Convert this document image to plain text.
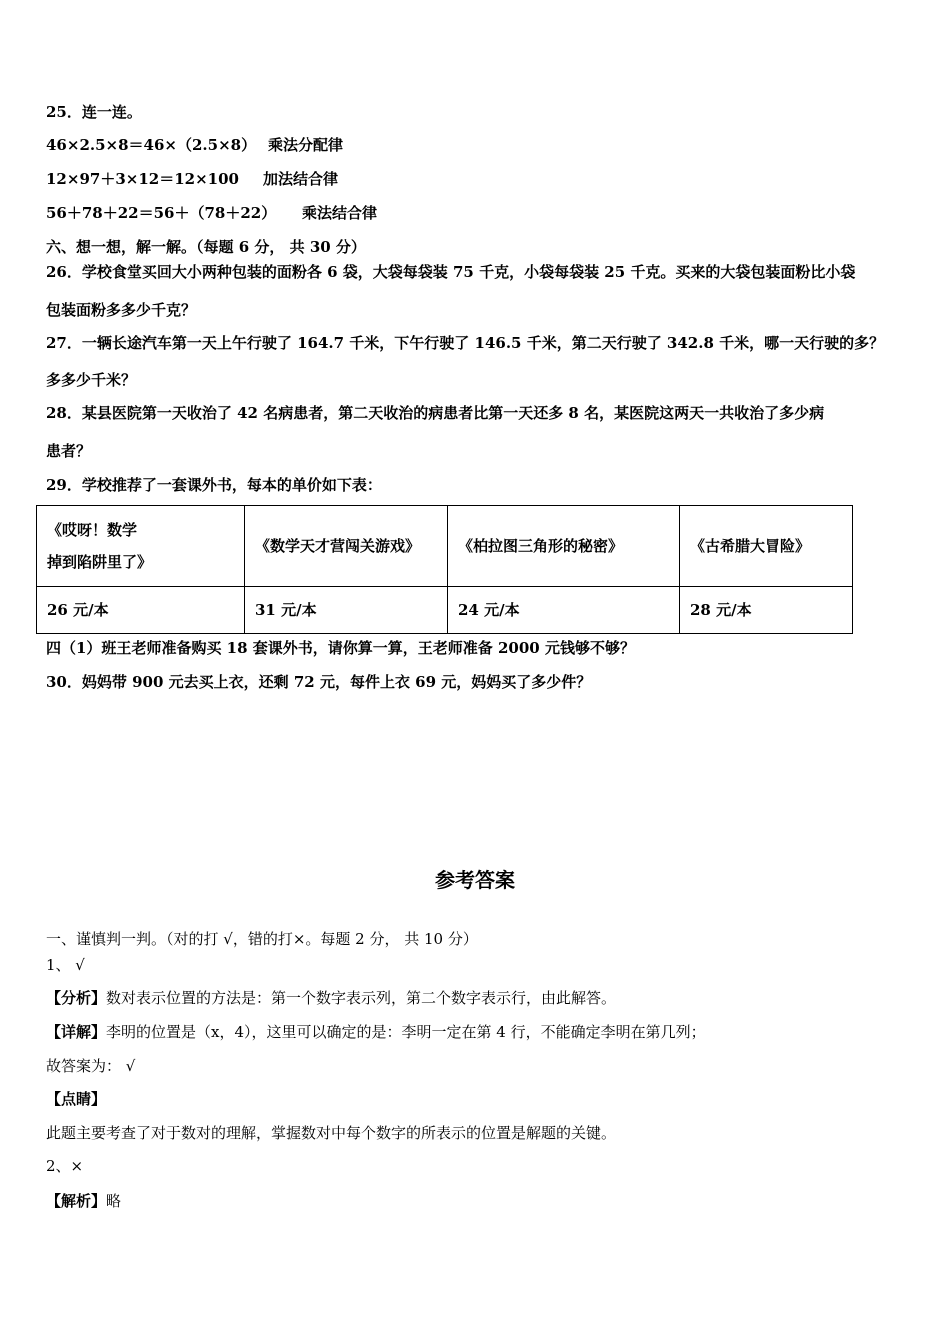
25．连一连。
46×2.5×8＝46×（2.5×8） 乘法分配律
12×97＋3×12＝12×100 加法结合律
56＋78＋22＝56＋（78＋22） 乘法结合律
六、想一想，解一解。（每题 6 分， 共 30 分）
26．学校食堂买回大小两种包装的面粉各 6 袋，大袋每袋装 75 千克，小袋每袋装 25 千克。买来的大袋包装面粉比小袋
包装面粉多多少千克？
27．一辆长途汽车第一天上午行驶了 164.7 千米，下午行驶了 146.5 千米，第二天行驶了 342.8 千米，哪一天行驶的多？
多多少千米？
28．某县医院第一天收治了 42 名病患者，第二天收治的病患者比第一天还多 8 名，某医院这两天一共收治了多少病
患者？
29．学校推荐了一套课外书，每本的单价如下表：
《哎呀！数学
掉到陷阱里了》	《数学天才营闯关游戏》	《柏拉图三角形的秘密》	《古希腊大冒险》
26 元/本	31 元/本	24 元/本	28 元/本
四（1）班王老师准备购买 18 套课外书，请你算一算，王老师准备 2000 元钱够不够？
30．妈妈带 900 元去买上衣，还剩 72 元，每件上衣 69 元，妈妈买了多少件？
参考答案
一、谨慎判一判。（对的打 √，错的打×。每题 2 分， 共 10 分）
1、 √
【分析】数对表示位置的方法是：第一个数字表示列，第二个数字表示行，由此解答。
【详解】李明的位置是（x，4），这里可以确定的是：李明一定在第 4 行，不能确定李明在第几列；
故答案为： √
【点睛】
此题主要考查了对于数对的理解，掌握数对中每个数字的所表示的位置是解题的关键。
2、×
【解析】略
